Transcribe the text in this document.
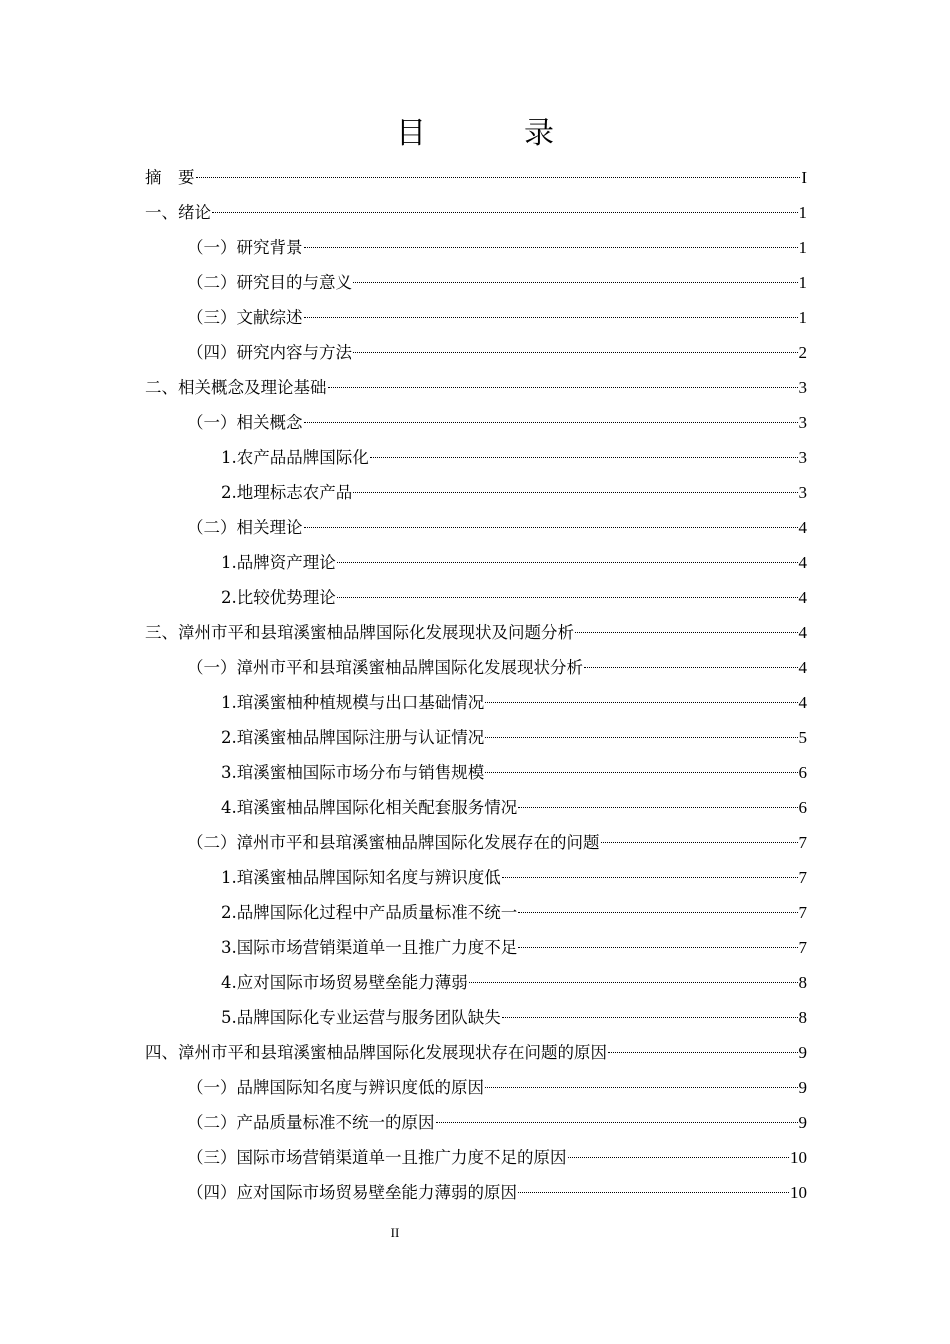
目　录
摘　要	I
一、绪论	1
（一）研究背景	1
（二）研究目的与意义	1
（三）文献综述	1
（四）研究内容与方法	2
二、相关概念及理论基础	3
（一）相关概念	3
1.农产品品牌国际化	3
2.地理标志农产品	3
（二）相关理论	4
1.品牌资产理论	4
2.比较优势理论	4
三、漳州市平和县琯溪蜜柚品牌国际化发展现状及问题分析	4
（一）漳州市平和县琯溪蜜柚品牌国际化发展现状分析	4
1.琯溪蜜柚种植规模与出口基础情况	4
2.琯溪蜜柚品牌国际注册与认证情况	5
3.琯溪蜜柚国际市场分布与销售规模	6
4.琯溪蜜柚品牌国际化相关配套服务情况	6
（二）漳州市平和县琯溪蜜柚品牌国际化发展存在的问题	7
1.琯溪蜜柚品牌国际知名度与辨识度低	7
2.品牌国际化过程中产品质量标准不统一	7
3.国际市场营销渠道单一且推广力度不足	7
4.应对国际市场贸易壁垒能力薄弱	8
5.品牌国际化专业运营与服务团队缺失	8
四、漳州市平和县琯溪蜜柚品牌国际化发展现状存在问题的原因	9
（一）品牌国际知名度与辨识度低的原因	9
（二）产品质量标准不统一的原因	9
（三）国际市场营销渠道单一且推广力度不足的原因	10
（四）应对国际市场贸易壁垒能力薄弱的原因	10
II
